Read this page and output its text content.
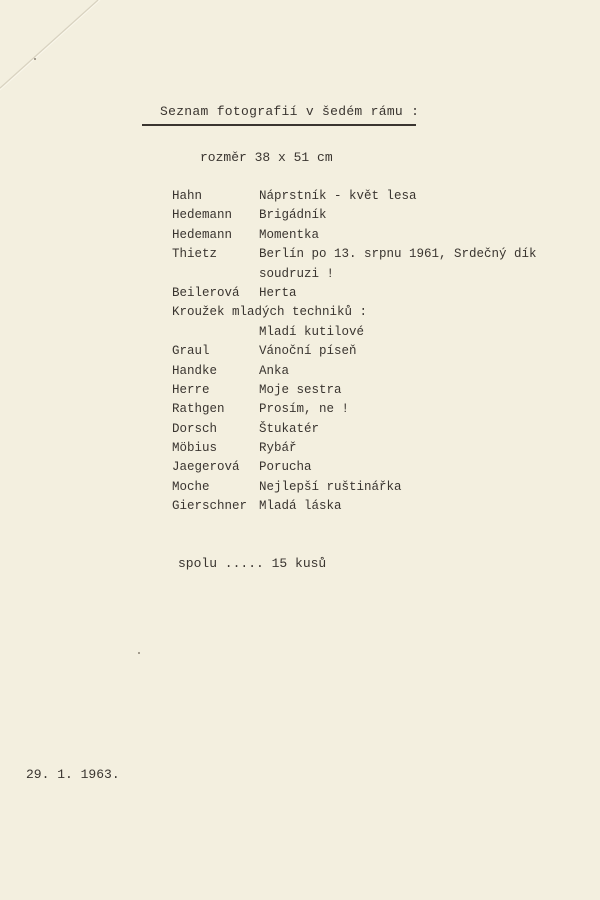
Seznam fotografií v šedém rámu :
rozměr 38 x 51 cm
Hahn	Náprstník - květ lesa
Hedemann Brigádník
Hedemann Momentka
Thietz	Berlín po 13. srpnu 1961, Srdečný dík
soudruzi !
Beilerová Herta
Kroužek mladých techniků :
Mladí kutilové
Graul	Vánoční píseň
Handke	Anka
Herre	Moje sestra
Rathgen	Prosím, ne !
Dorsch	Štukatér
Möbius	Rybář
Jaegerová Porucha
Moche	Nejlepší ruštinářka
Gierschner Mladá láska
spolu ..... 15 kusů
29. 1. 1963.
